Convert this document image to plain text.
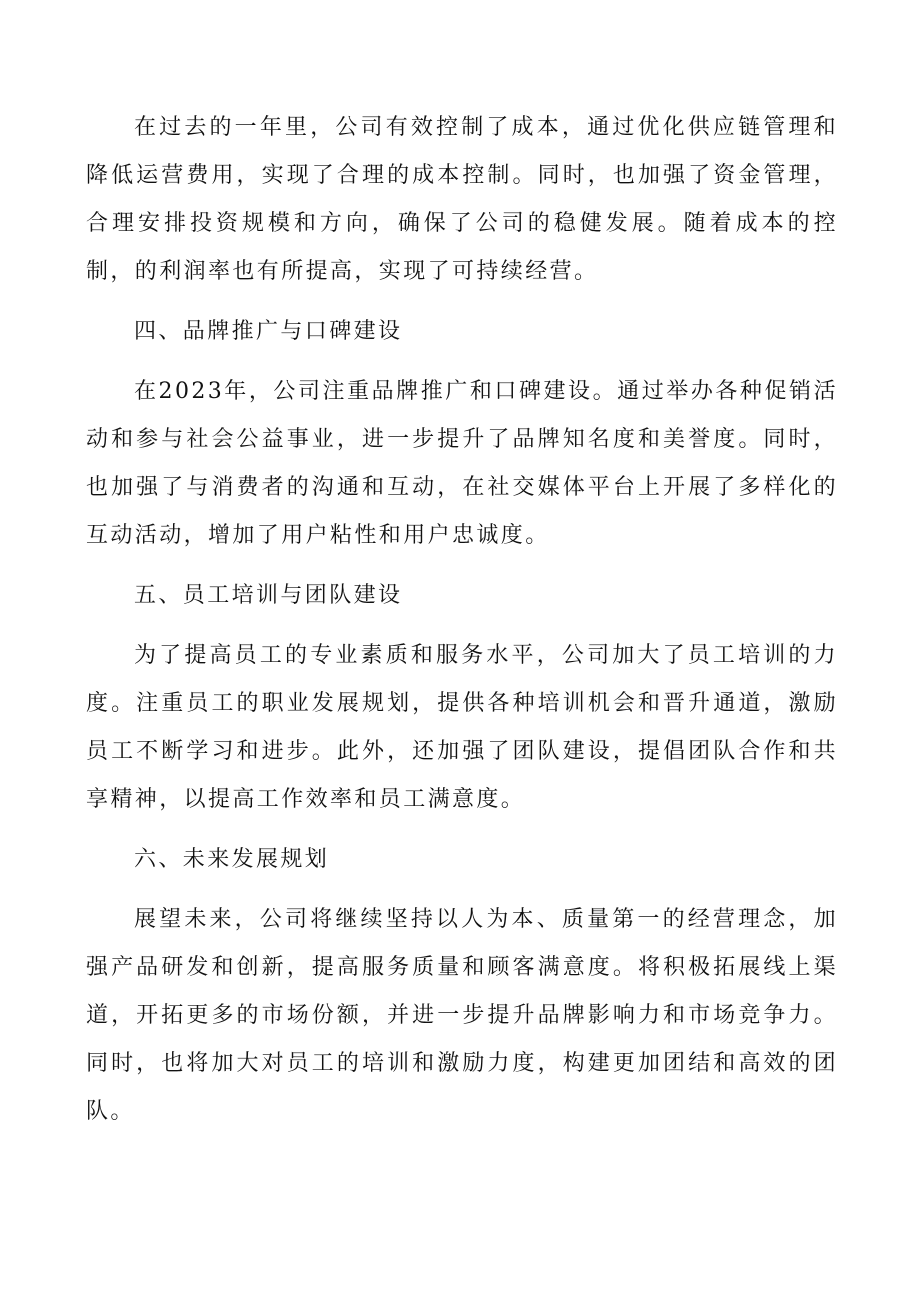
在过去的一年里，公司有效控制了成本，通过优化供应链管理和降低运营费用，实现了合理的成本控制。同时，也加强了资金管理，合理安排投资规模和方向，确保了公司的稳健发展。随着成本的控制，的利润率也有所提高，实现了可持续经营。

四、品牌推广与口碑建设

在2023年，公司注重品牌推广和口碑建设。通过举办各种促销活动和参与社会公益事业，进一步提升了品牌知名度和美誉度。同时，也加强了与消费者的沟通和互动，在社交媒体平台上开展了多样化的互动活动，增加了用户粘性和用户忠诚度。

五、员工培训与团队建设

为了提高员工的专业素质和服务水平，公司加大了员工培训的力度。注重员工的职业发展规划，提供各种培训机会和晋升通道，激励员工不断学习和进步。此外，还加强了团队建设，提倡团队合作和共享精神，以提高工作效率和员工满意度。

六、未来发展规划

展望未来，公司将继续坚持以人为本、质量第一的经营理念，加强产品研发和创新，提高服务质量和顾客满意度。将积极拓展线上渠道，开拓更多的市场份额，并进一步提升品牌影响力和市场竞争力。同时，也将加大对员工的培训和激励力度，构建更加团结和高效的团队。
